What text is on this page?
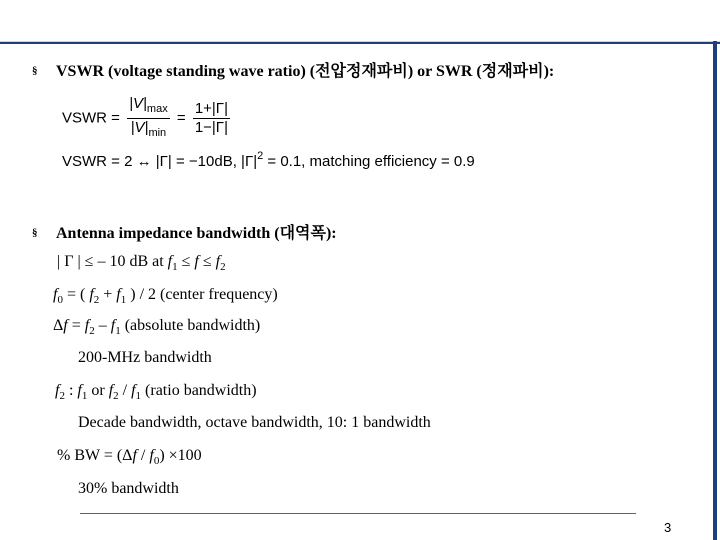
§ VSWR (voltage standing wave ratio) (전압정재파비) or SWR (정재파비):
VSWR = $\frac{|V|_{max}}{|V|_{min}} = \frac{1+|\Gamma|}{1-|\Gamma|}$
VSWR = 2 ↔ |Γ| = −10dB, $|\Gamma|^2 = 0.1$, matching efficiency = 0.9
§ Antenna impedance bandwidth (대역폭):
| Γ | ≤ – 10 dB at $f_1 \le f \le f_2$
$f_0$ = ( $f_2 + f_1$ ) / 2 (center frequency)
$\Delta f = f_2 - f_1$ (absolute bandwidth)
200-MHz bandwidth
$f_2$ : $f_1$ or $f_2 / f_1$ (ratio bandwidth)
Decade bandwidth, octave bandwidth, 10: 1 bandwidth
% BW = $(\Delta f / f_0) \times 100$
30% bandwidth
3
